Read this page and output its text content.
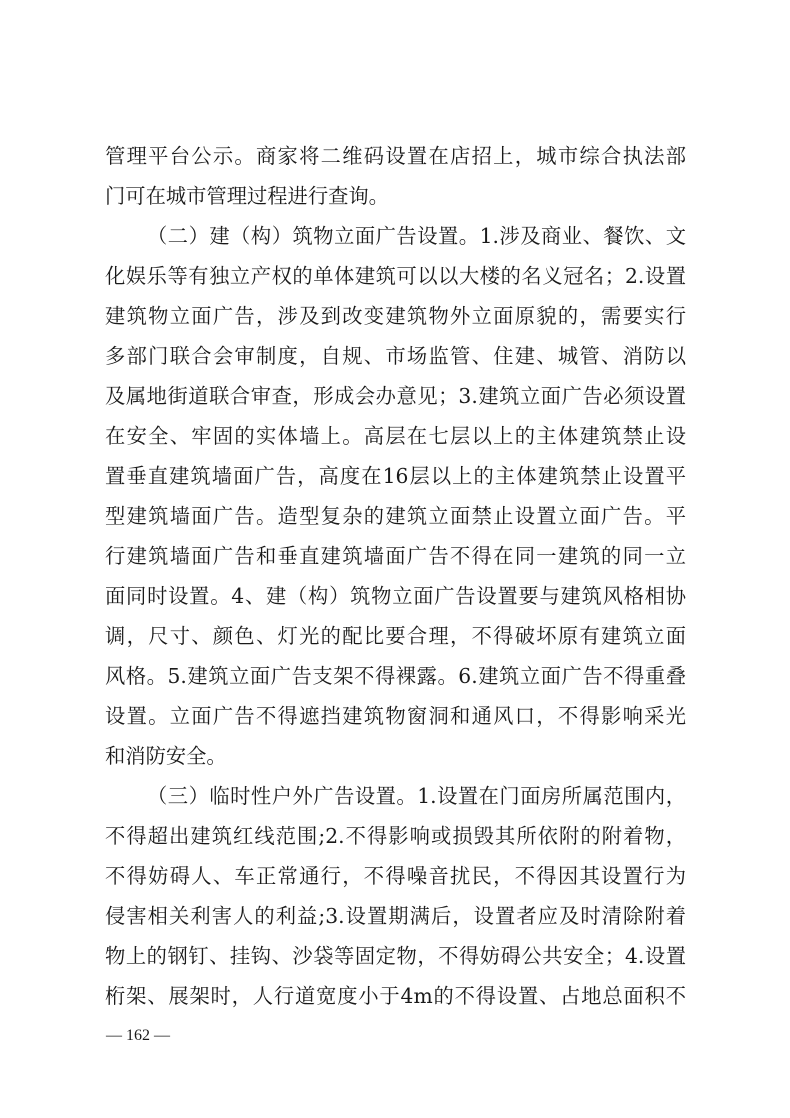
管理平台公示。商家将二维码设置在店招上，城市综合执法部
门可在城市管理过程进行查询。
（二）建（构）筑物立面广告设置。1.涉及商业、餐饮、文
化娱乐等有独立产权的单体建筑可以以大楼的名义冠名；2.设置
建筑物立面广告，涉及到改变建筑物外立面原貌的，需要实行
多部门联合会审制度，自规、市场监管、住建、城管、消防以
及属地街道联合审查，形成会办意见；3.建筑立面广告必须设置
在安全、牢固的实体墙上。高层在七层以上的主体建筑禁止设
置垂直建筑墙面广告，高度在16层以上的主体建筑禁止设置平
型建筑墙面广告。造型复杂的建筑立面禁止设置立面广告。平
行建筑墙面广告和垂直建筑墙面广告不得在同一建筑的同一立
面同时设置。4、建（构）筑物立面广告设置要与建筑风格相协
调，尺寸、颜色、灯光的配比要合理，不得破坏原有建筑立面
风格。5.建筑立面广告支架不得裸露。6.建筑立面广告不得重叠
设置。立面广告不得遮挡建筑物窗洞和通风口，不得影响采光
和消防安全。
（三）临时性户外广告设置。1.设置在门面房所属范围内，
不得超出建筑红线范围;2.不得影响或损毁其所依附的附着物，
不得妨碍人、车正常通行，不得噪音扰民，不得因其设置行为
侵害相关利害人的利益;3.设置期满后，设置者应及时清除附着
物上的钢钉、挂钩、沙袋等固定物，不得妨碍公共安全；4.设置
桁架、展架时，人行道宽度小于4m的不得设置、占地总面积不
— 162 —
